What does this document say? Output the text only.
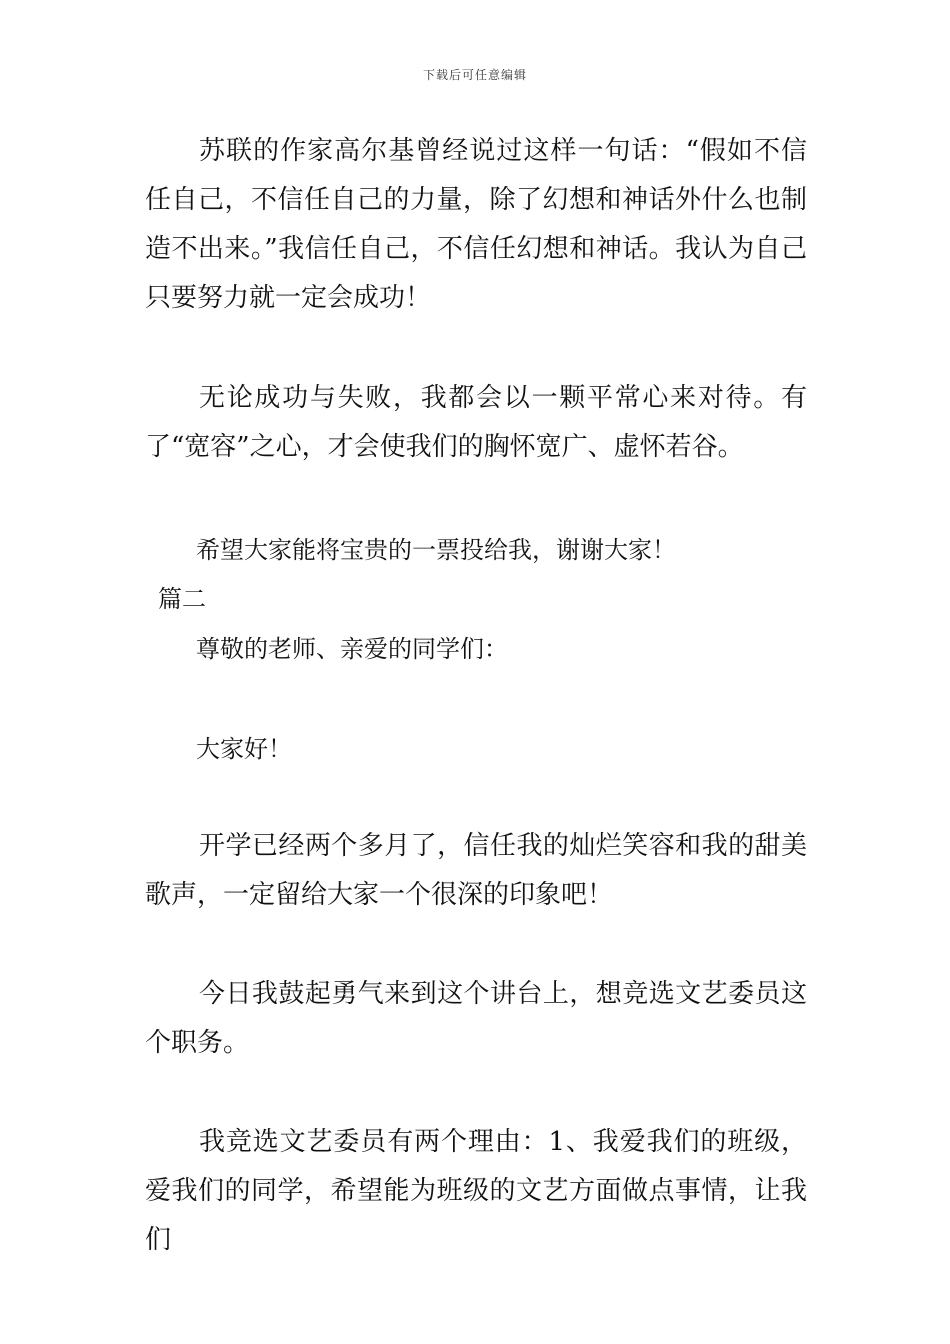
下载后可任意编辑

苏联的作家高尔基曾经说过这样一句话：“假如不信任自己，不信任自己的力量，除了幻想和神话外什么也制造不出来。”我信任自己，不信任幻想和神话。我认为自己只要努力就一定会成功！

无论成功与失败，我都会以一颗平常心来对待。有了“宽容”之心，才会使我们的胸怀宽广、虚怀若谷。

希望大家能将宝贵的一票投给我，谢谢大家！

篇二

尊敬的老师、亲爱的同学们：

大家好！

开学已经两个多月了，信任我的灿烂笑容和我的甜美歌声，一定留给大家一个很深的印象吧！

今日我鼓起勇气来到这个讲台上，想竞选文艺委员这个职务。

我竞选文艺委员有两个理由：1、我爱我们的班级，爱我们的同学，希望能为班级的文艺方面做点事情，让我们
